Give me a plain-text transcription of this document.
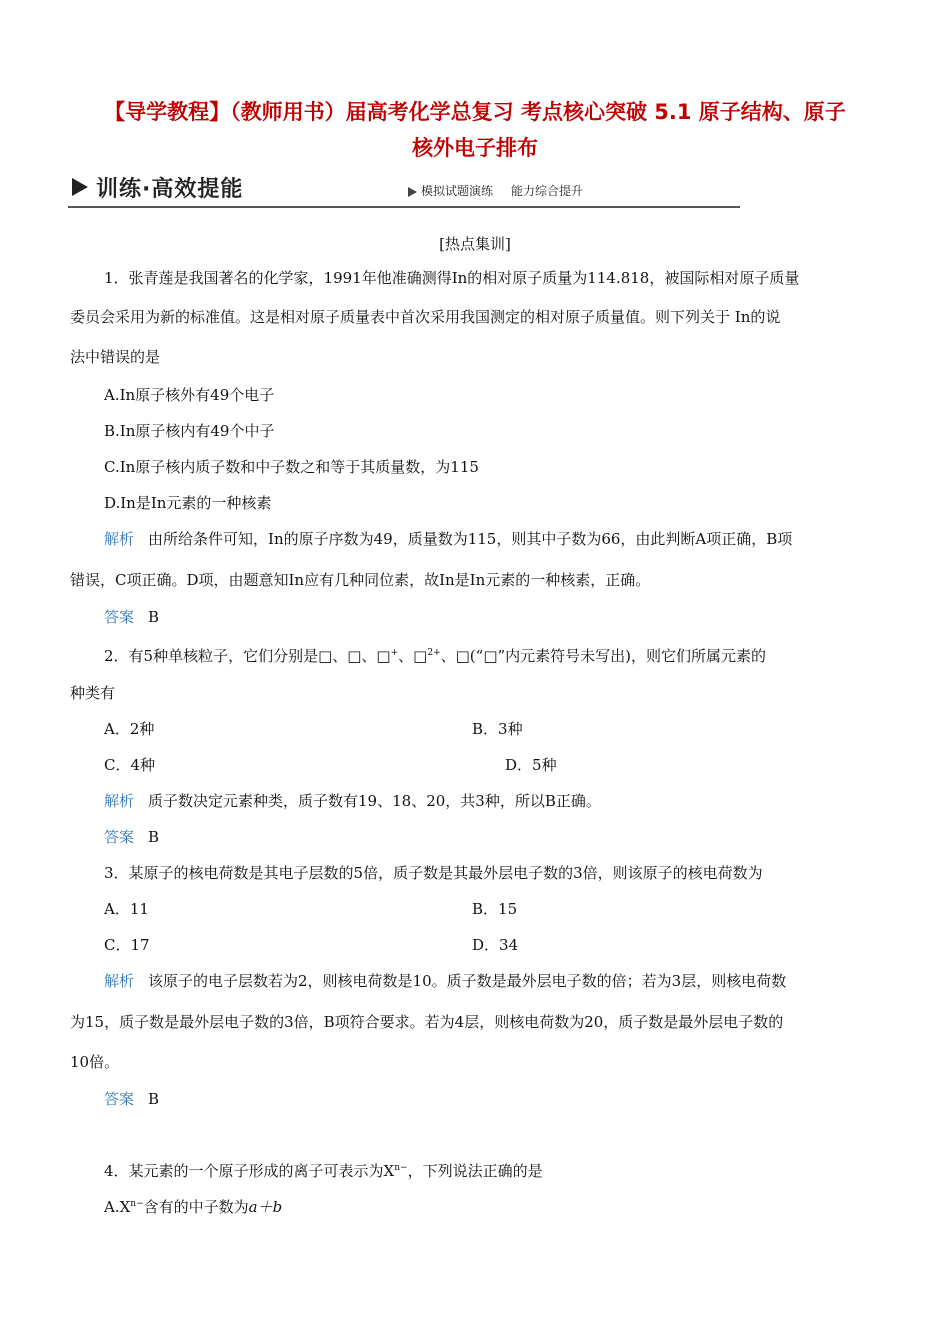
【导学教程】（教师用书）届高考化学总复习 考点核心突破 5.1 原子结构、原子
核外电子排布
训练·高效提能	模拟试题演练 能力综合提升
[热点集训]
1．张青莲是我国著名的化学家，1991年他准确测得In的相对原子质量为114.818，被国际相对原子质量
委员会采用为新的标准值。这是相对原子质量表中首次采用我国测定的相对原子质量值。则下列关于 In的说
法中错误的是
A.In原子核外有49个电子
B.In原子核内有49个中子
C.In原子核内质子数和中子数之和等于其质量数，为115
D.In是In元素的一种核素
解析 由所给条件可知，In的原子序数为49，质量数为115，则其中子数为66，由此判断A项正确，B项
错误，C项正确。D项，由题意知In应有几种同位素，故In是In元素的一种核素，正确。
答案 B
2．有5种单核粒子，它们分别是□、□、□+、□$^{2+}$、□(“□”内元素符号未写出)，则它们所属元素的
种类有
A．2种	B．3种
C．4种	D．5种
解析 质子数决定元素种类，质子数有19、18、20，共3种，所以B正确。
答案 B
3．某原子的核电荷数是其电子层数的5倍，质子数是其最外层电子数的3倍，则该原子的核电荷数为
A．11	B．15
C．17	D．34
解析 该原子的电子层数若为2，则核电荷数是10。质子数是最外层电子数的倍；若为3层，则核电荷数
为15，质子数是最外层电子数的3倍，B项符合要求。若为4层，则核电荷数为20，质子数是最外层电子数的
10倍。
答案 B
4．某元素的一个原子形成的离子可表示为$X^{n-}$，下列说法正确的是
$A.X^{n-}$含有的中子数为a＋b
